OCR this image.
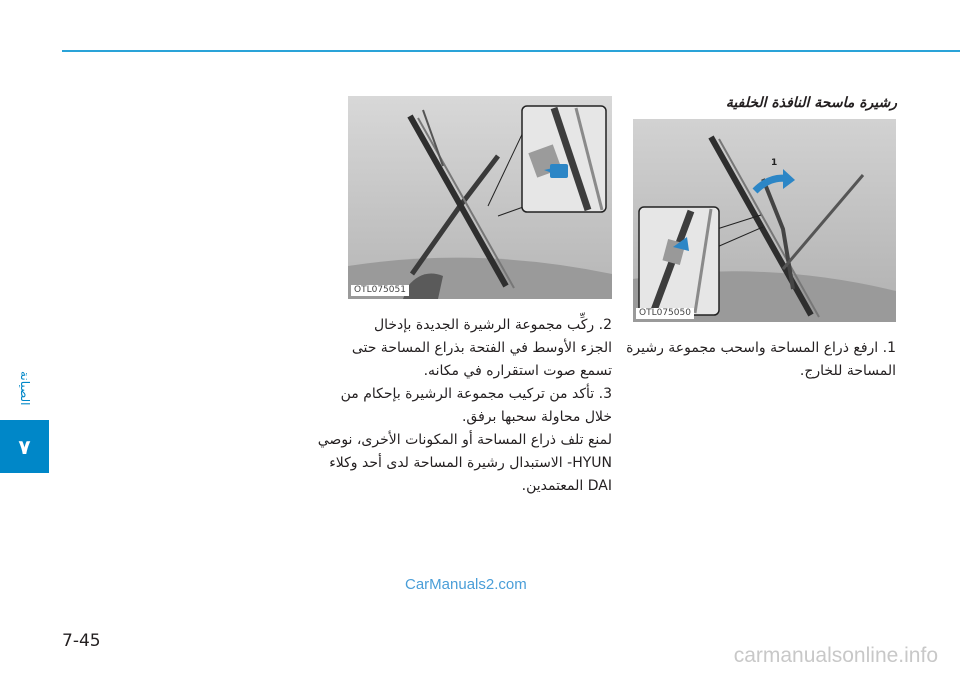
الصيانة
٧
رشيرة ماسحة النافذة الخلفية
OTL075051
1
OTL075050
2. ركِّب مجموعة الرشيرة الجديدة بإدخال
الجزء الأوسط في الفتحة بذراع المساحة حتى
تسمع صوت استقراره في مكانه.
3. تأكد من تركيب مجموعة الرشيرة بإحكام من
خلال محاولة سحبها برفق.
لمنع تلف ذراع المساحة أو المكونات الأخرى، نوصي
HYUN- الاستبدال رشيرة المساحة لدى أحد وكلاء
DAI المعتمدين.
1. ارفع ذراع المساحة واسحب مجموعة رشيرة
المساحة للخارج.
CarManuals2.com
7-45
carmanualsonline.info
